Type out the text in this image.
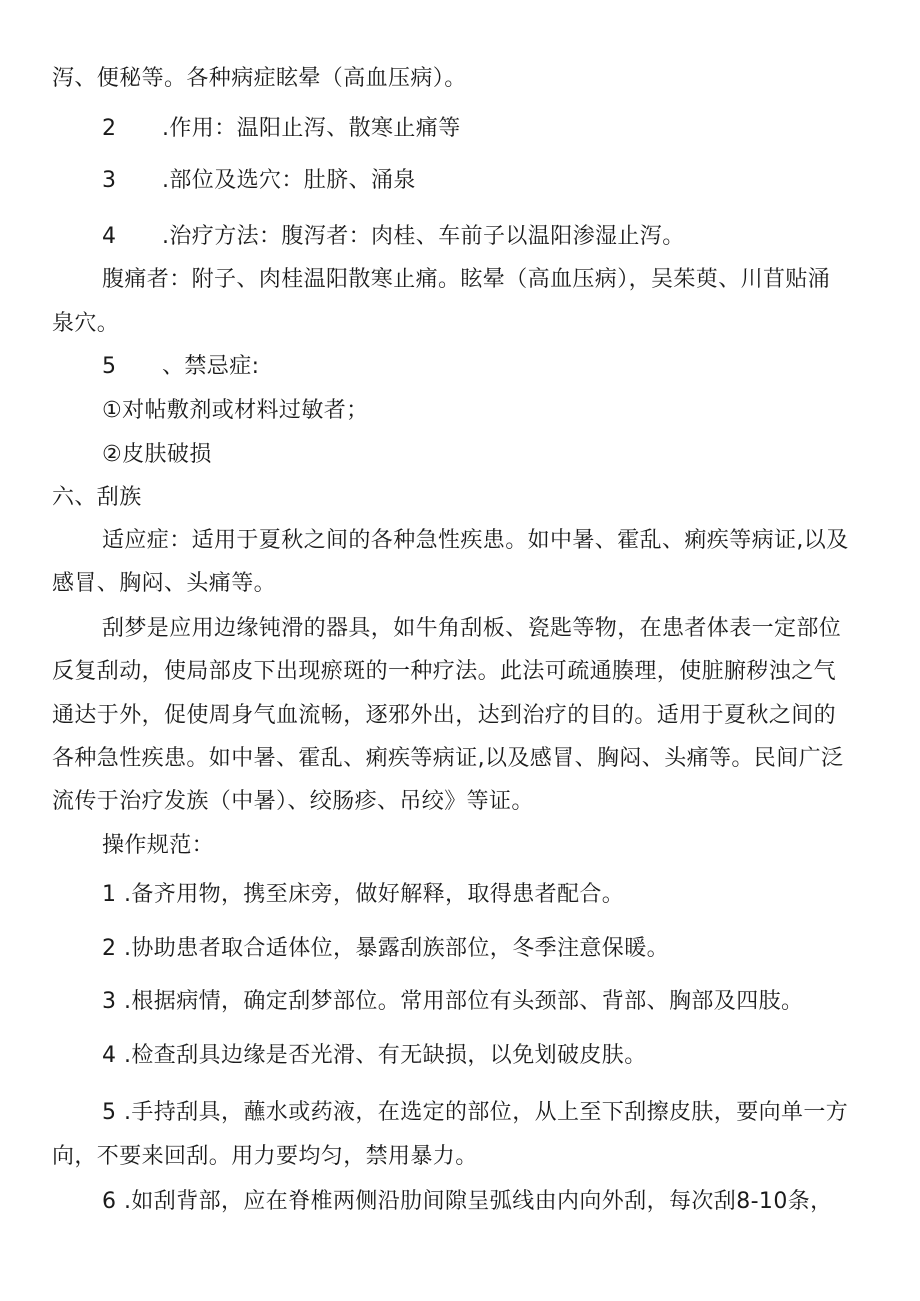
泻、便秘等。各种病症眩晕（高血压病）。
2 .作用：温阳止泻、散寒止痛等
3 .部位及选穴：肚脐、涌泉
4 .治疗方法：腹泻者：肉桂、车前子以温阳渗湿止泻。
腹痛者：附子、肉桂温阳散寒止痛。眩晕（高血压病），吴茱萸、川苜贴涌
泉穴。
5 、禁忌症:
①对帖敷剂或材料过敏者；
②皮肤破损
六、刮族
适应症：适用于夏秋之间的各种急性疾患。如中暑、霍乱、痢疾等病证,以及
感冒、胸闷、头痛等。
刮梦是应用边缘钝滑的器具，如牛角刮板、瓷匙等物，在患者体表一定部位
反复刮动，使局部皮下出现瘀斑的一种疗法。此法可疏通腠理，使脏腑秽浊之气
通达于外，促使周身气血流畅，逐邪外出，达到治疗的目的。适用于夏秋之间的
各种急性疾患。如中暑、霍乱、痢疾等病证,以及感冒、胸闷、头痛等。民间广泛
流传于治疗发族（中暑）、绞肠疹、吊绞》等证。
操作规范：
1 .备齐用物，携至床旁，做好解释，取得患者配合。
2 .协助患者取合适体位，暴露刮族部位，冬季注意保暖。
3 .根据病情，确定刮梦部位。常用部位有头颈部、背部、胸部及四肢。
4 .检查刮具边缘是否光滑、有无缺损，以免划破皮肤。
5 .手持刮具，蘸水或药液，在选定的部位，从上至下刮擦皮肤，要向单一方
向，不要来回刮。用力要均匀，禁用暴力。
6 .如刮背部，应在脊椎两侧沿肋间隙呈弧线由内向外刮，每次刮8-10条，
